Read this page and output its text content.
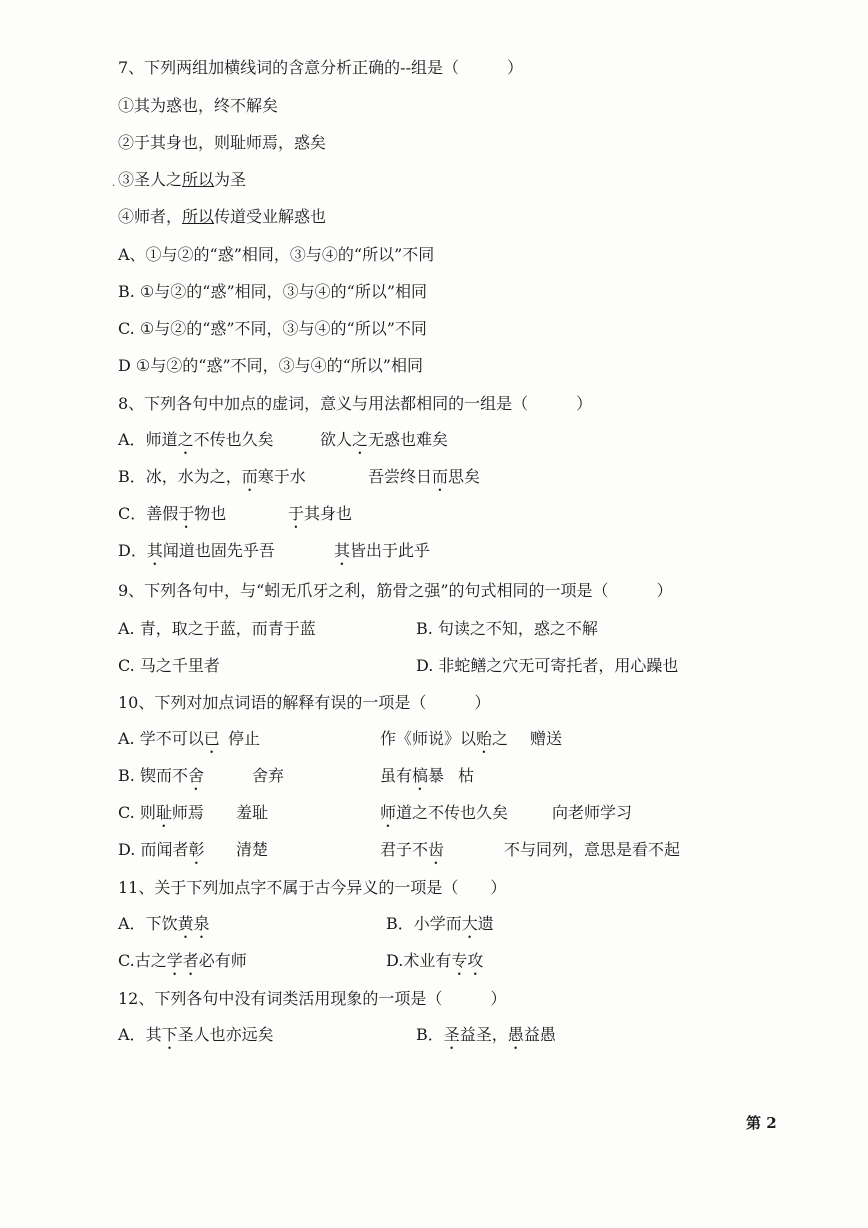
7、下列两组加横线词的含意分析正确的--组是（　　　）
①其为惑也，终不解矣
②于其身也，则耻师焉，惑矣
. ③圣人之所以为圣
④师者，所以传道受业解惑也
A、①与②的“惑”相同，③与④的“所以”不同
B. ①与②的“惑”相同，③与④的“所以”相同
C. ①与②的“惑”不同，③与④的“所以”不同
D ①与②的“惑”不同，③与④的“所以”相同
8、下列各句中加点的虚词，意义与用法都相同的一组是（　　　）
A．师道之不传也久矣	欲人之无惑也难矣
B．冰，水为之，而寒于水	吾尝终日而思矣
C．善假于物也	于其身也
D．其闻道也固先乎吾	其皆出于此乎
9、下列各句中，与“蚓无爪牙之利，筋骨之强”的句式相同的一项是（　　　）
A. 青，取之于蓝，而青于蓝	B. 句读之不知，惑之不解
C. 马之千里者	D. 非蛇鳝之穴无可寄托者，用心躁也
10、下列对加点词语的解释有误的一项是（　　　）
A. 学不可以已 停止	作《师说》以贻之 赠送
B. 锲而不舍	舍弃	虽有槁暴 枯
C. 则耻师焉 羞耻	师道之不传也久矣	向老师学习
D. 而闻者彰 清楚	君子不齿	不与同列，意思是看不起
11、关于下列加点字不属于古今异义的一项是（　　）
A．下饮黄泉	B．小学而大遗
C.古之学者必有师	D.术业有专攻
12、下列各句中没有词类活用现象的一项是（　　　）
A．其下圣人也亦远矣	B．圣益圣，愚益愚
第 2
